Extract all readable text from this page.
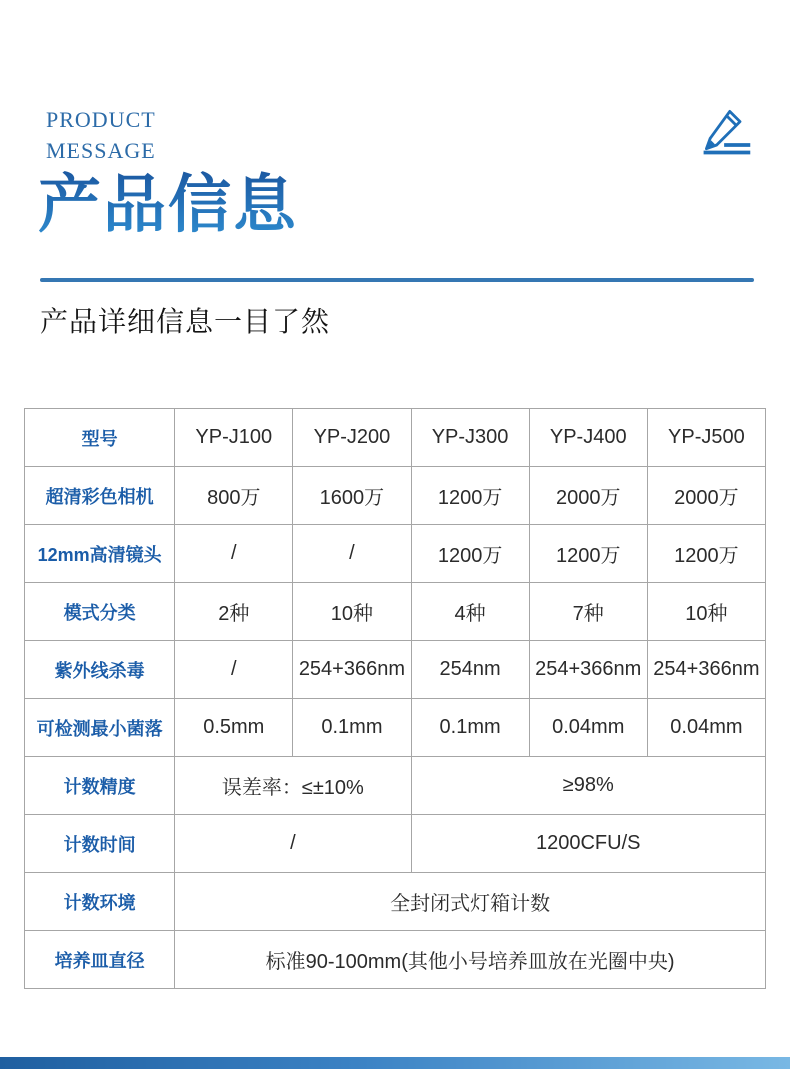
PRODUCT
MESSAGE
产品信息
产品详细信息一目了然
型号	YP-J100	YP-J200	YP-J300	YP-J400	YP-J500
超清彩色相机	800万	1600万	1200万	2000万	2000万
12mm高清镜头	/	/	1200万	1200万	1200万
模式分类	2种	10种	4种	7种	10种
紫外线杀毒	/	254+366nm	254nm	254+366nm	254+366nm
可检测最小菌落	0.5mm	0.1mm	0.1mm	0.04mm	0.04mm
计数精度	误差率：≤±10%		≥98%		
计数时间	/		1200CFU/S		
计数环境	全封闭式灯箱计数				
培养皿直径	标准90-100mm(其他小号培养皿放在光圈中央)				
